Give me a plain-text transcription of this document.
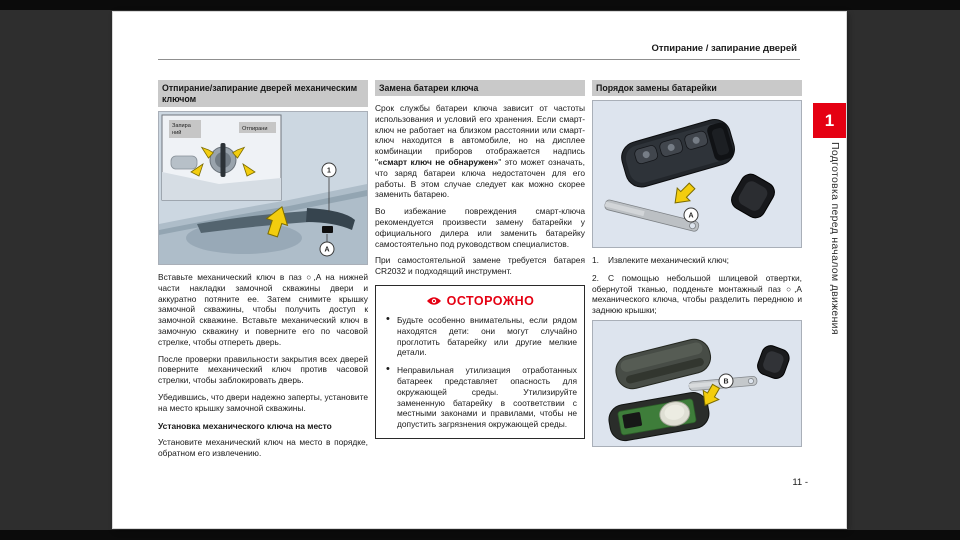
Отпирание / запирание дверей
Отпирание/запирание дверей механическим ключом
1
A
Запира
ний
Отпирани

Вставьте механический ключ в паз ○,A на нижней части накладки замочной скважины двери и аккуратно потяните ее. Затем снимите крышку замочной скважины, чтобы получить доступ к замочной скважине. Вставьте механический ключ в замочную скважину и поверните его по часовой стрелке, чтобы отпереть дверь.

После проверки правильности закрытия всех дверей поверните механический ключ против часовой стрелки, чтобы заблокировать дверь.

Убедившись, что двери надежно заперты, установите на место крышку замочной скважины.

Установка механического ключа на место

Установите механический ключ на место в порядке, обратном его извлечению.

Замена батареи ключа

Срок службы батареи ключа зависит от частоты использования и условий его хранения. Если смарт-ключ не работает на близком расстоянии или смарт-ключ находится в автомобиле, но на дисплее комбинации приборов отображается надпись "«смарт ключ не обнаружен»" это может означать, что заряд батареи ключа недостаточен для его работы. В этом случае следует как можно скорее заменить батарею.

Во избежание повреждения смарт-ключа рекомендуется произвести замену батарейки у официального дилера или заменить батарейку самостоятельно под руководством специалистов.

При самостоятельной замене требуется батарея CR2032 и подходящий инструмент.

ОСТОРОЖНО
• Будьте особенно внимательны, если рядом находятся дети: они могут случайно проглотить батарейку или другие мелкие детали.
• Неправильная утилизация отработанных батареек представляет опасность для окружающей среды. Утилизируйте замененную батарейку в соответствии с местными законами и правилами, чтобы не допустить загрязнения окружающей среды.
Порядок замены батарейки
A

1. Извлеките механический ключ;

2. С помощью небольшой шлицевой отвертки, обернутой тканью, подденьте монтажный паз ○,A механического ключа, чтобы разделить переднюю и заднюю крышки;

B
11 -
1
Подготовка перед началом движения
